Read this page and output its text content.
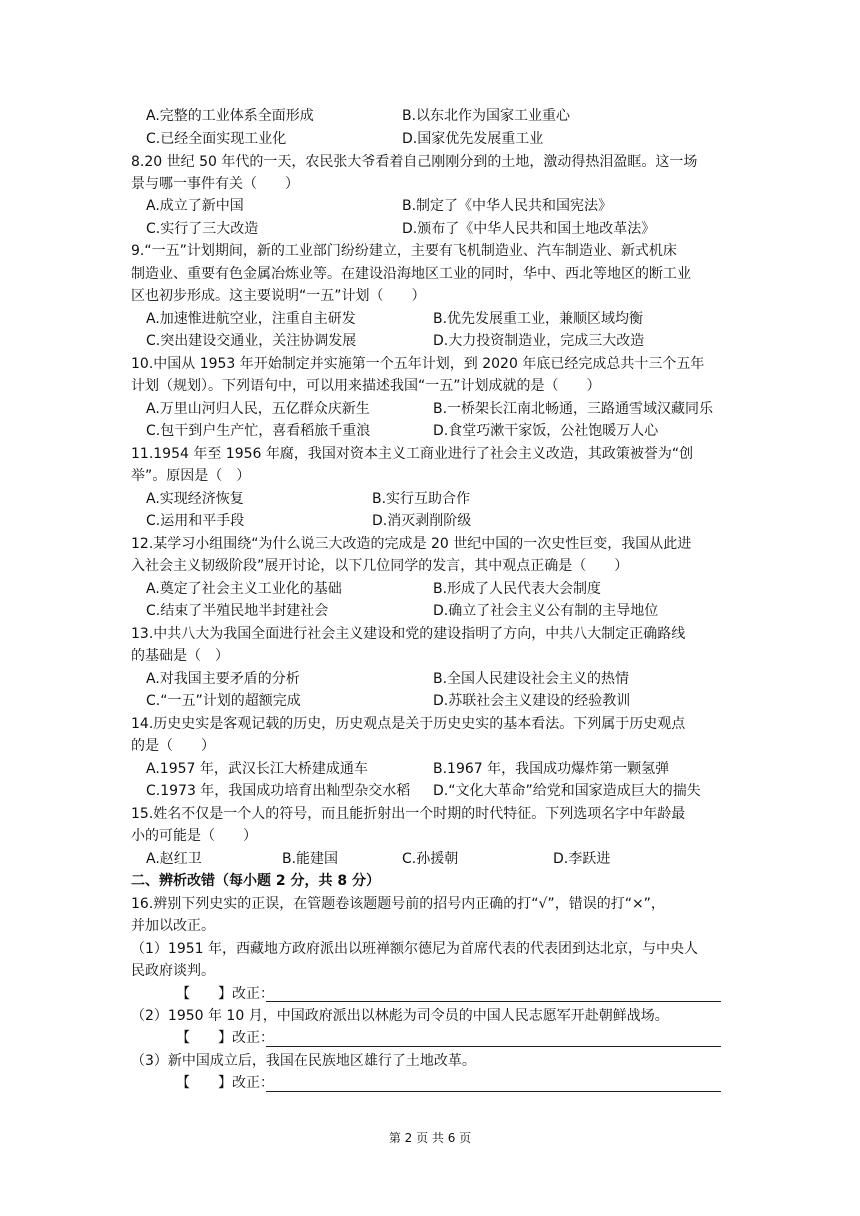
A.完整的工业体系全面形成	B.以东北作为国家工业重心
C.已经全面实现工业化	D.国家优先发展重工业
8.20 世纪 50 年代的一天，农民张大爷看着自己刚刚分到的土地，激动得热泪盈眶。这一场
景与哪一事件有关（　　）
A.成立了新中国	B.制定了《中华人民共和国宪法》
C.实行了三大改造	D.颁布了《中华人民共和国土地改革法》
9.“一五”计划期间，新的工业部门纷纷建立，主要有飞机制造业、汽车制造业、新式机床
制造业、重要有色金属冶炼业等。在建设沿海地区工业的同时，华中、西北等地区的断工业
区也初步形成。这主要说明“一五”计划（　　）
A.加速惟进航空业，注重自主研发	B.优先发展重工业，兼顺区域均衡
C.突出建设交通业，关注协调发展	D.大力投资制造业，完成三大改造
10.中国从 1953 年开始制定并实施第一个五年计划，到 2020 年底已经完成总共十三个五年
计划（规划）。下列语句中，可以用来描述我国“一五”计划成就的是（　　）
A.万里山河归人民，五亿群众庆新生	B.一桥架长江南北畅通，三路通雪域汉藏同乐
C.包干到户生产忙，喜看稻旅千重浪	D.食堂巧漱干家饭，公社饱暖万人心
11.1954 年至 1956 年腐，我国对资本主义工商业进行了社会主义改造，其政策被誉为“创
举”。原因是（　）
A.实现经济恢复	B.实行互助合作
C.运用和平手段	D.消灭剥削阶级
12.某学习小组围绕“为什么说三大改造的完成是 20 世纪中国的一次史性巨变，我国从此进
入社会主义韧级阶段”展开讨论，以下几位同学的发言，其中观点正确是（　　）
A.奠定了社会主义工业化的基础	B.形成了人民代表大会制度
C.结束了半殖民地半封建社会	D.确立了社会主义公有制的主导地位
13.中共八大为我国全面进行社会主义建设和党的建设指明了方向，中共八大制定正确路线
的基础是（　）
A.对我国主要矛盾的分析	B.全国人民建设社会主义的热情
C.“一五”计划的超额完成	D.苏联社会主义建设的经验教训
14.历史史实是客观记载的历史，历史观点是关于历史史实的基本看法。下列属于历史观点
的是（　　）
A.1957 年，武汉长江大桥建成通车	B.1967 年，我国成功爆炸第一颗氢弹
C.1973 年，我国成功培育出籼型杂交水稻 D.“文化大革命”给党和国家造成巨大的揣失
15.姓名不仅是一个人的符号，而且能折射出一个时期的时代特征。下列选项名字中年龄最
小的可能是（　　）
A.赵红卫	B.能建国	C.孙援朝	D.李跃进
二、辨析改错（每小题 2 分，共 8 分）
16.辨别下列史实的正误，在管题卷该题题号前的招号内正确的打“√”，错误的打“×”，
并加以改正。
（1）1951 年，西藏地方政府派出以班禅额尔德尼为首席代表的代表团到达北京，与中央人
民政府谈判。
【　　】改正：
（2）1950 年 10 月，中国政府派出以林彪为司令员的中国人民志愿军开赴朝鲜战场。
【　　】改正：
（3）新中国成立后，我国在民族地区雄行了土地改革。
【　　】改正：
第 2 页 共 6 页
